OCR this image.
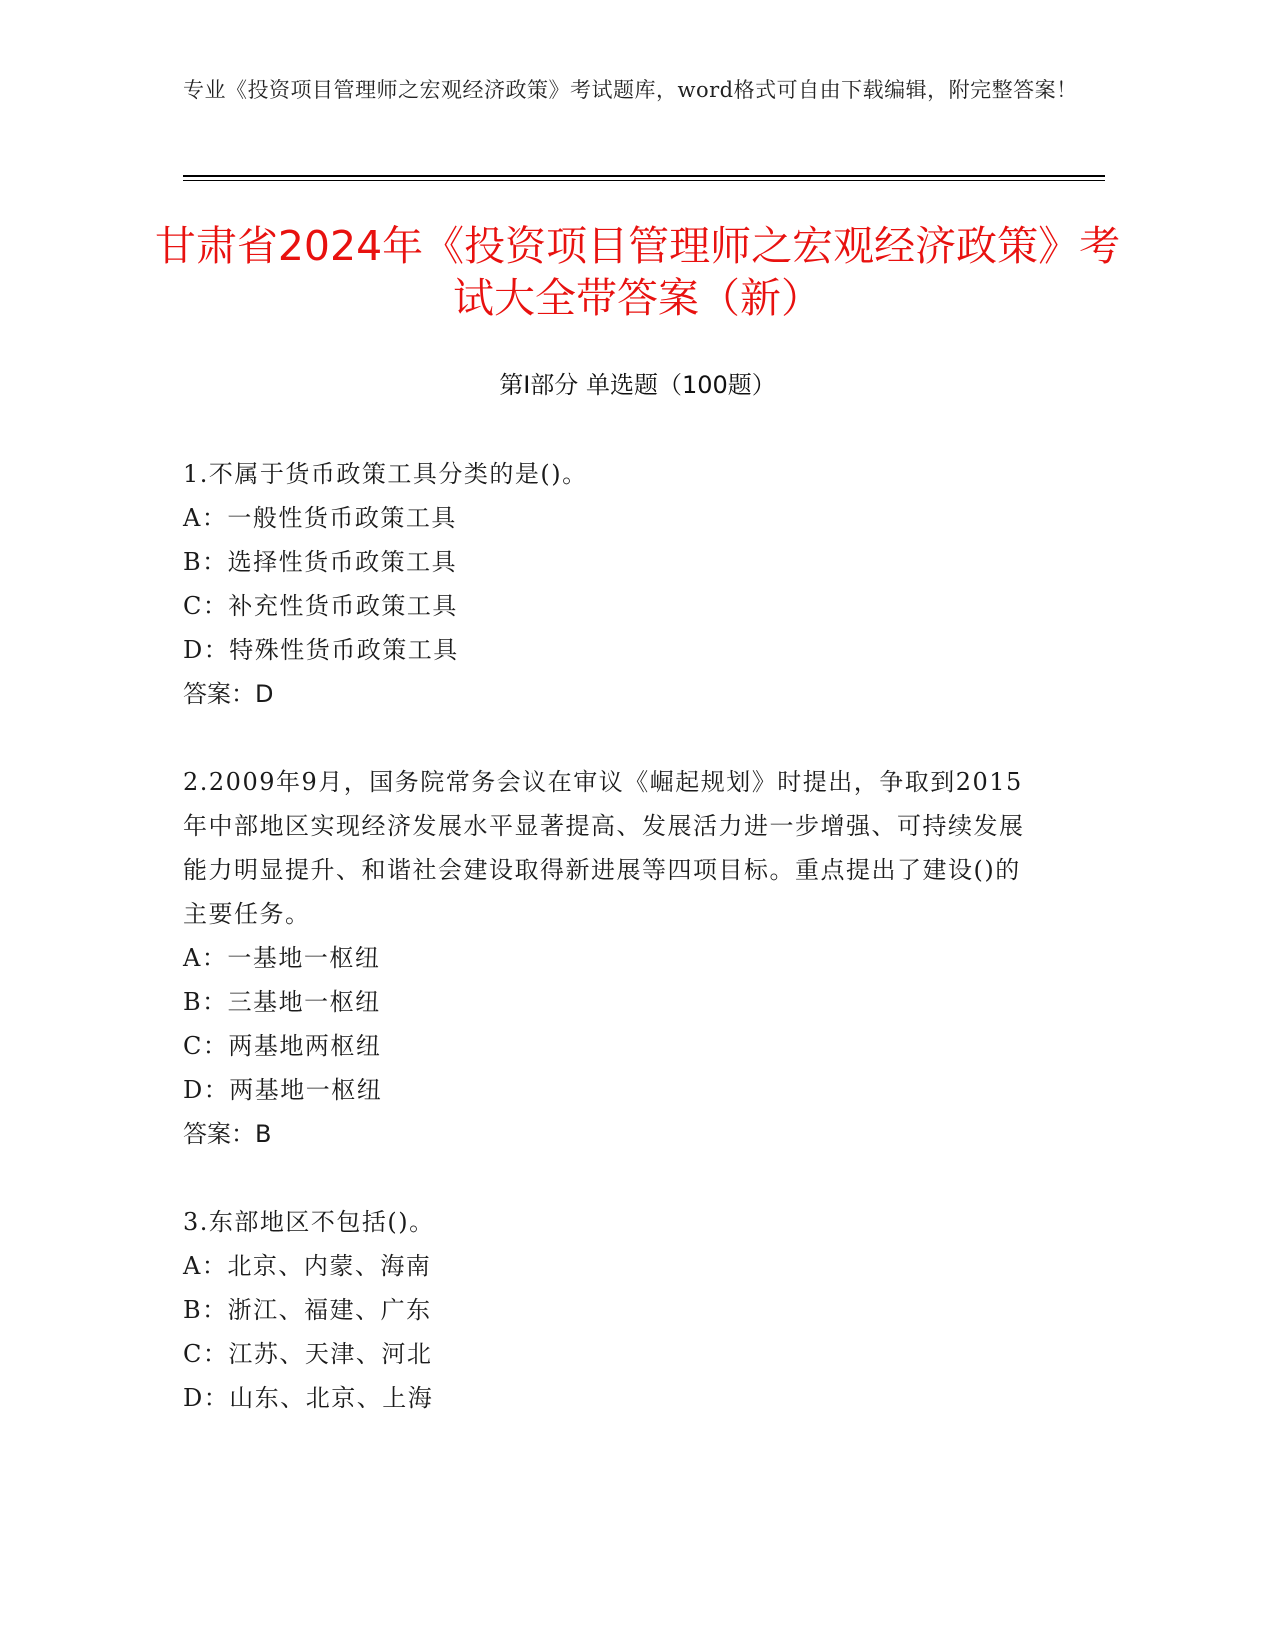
专业《投资项目管理师之宏观经济政策》考试题库，word格式可自由下载编辑，附完整答案！
甘肃省2024年《投资项目管理师之宏观经济政策》考试大全带答案（新）
第I部分 单选题（100题）

1.不属于货币政策工具分类的是()。

A：一般性货币政策工具

B：选择性货币政策工具

C：补充性货币政策工具

D：特殊性货币政策工具

答案：D

2.2009年9月，国务院常务会议在审议《崛起规划》时提出，争取到2015年中部地区实现经济发展水平显著提高、发展活力进一步增强、可持续发展能力明显提升、和谐社会建设取得新进展等四项目标。重点提出了建设()的主要任务。

A：一基地一枢纽

B：三基地一枢纽

C：两基地两枢纽

D：两基地一枢纽

答案：B

3.东部地区不包括()。

A：北京、内蒙、海南

B：浙江、福建、广东

C：江苏、天津、河北

D：山东、北京、上海
